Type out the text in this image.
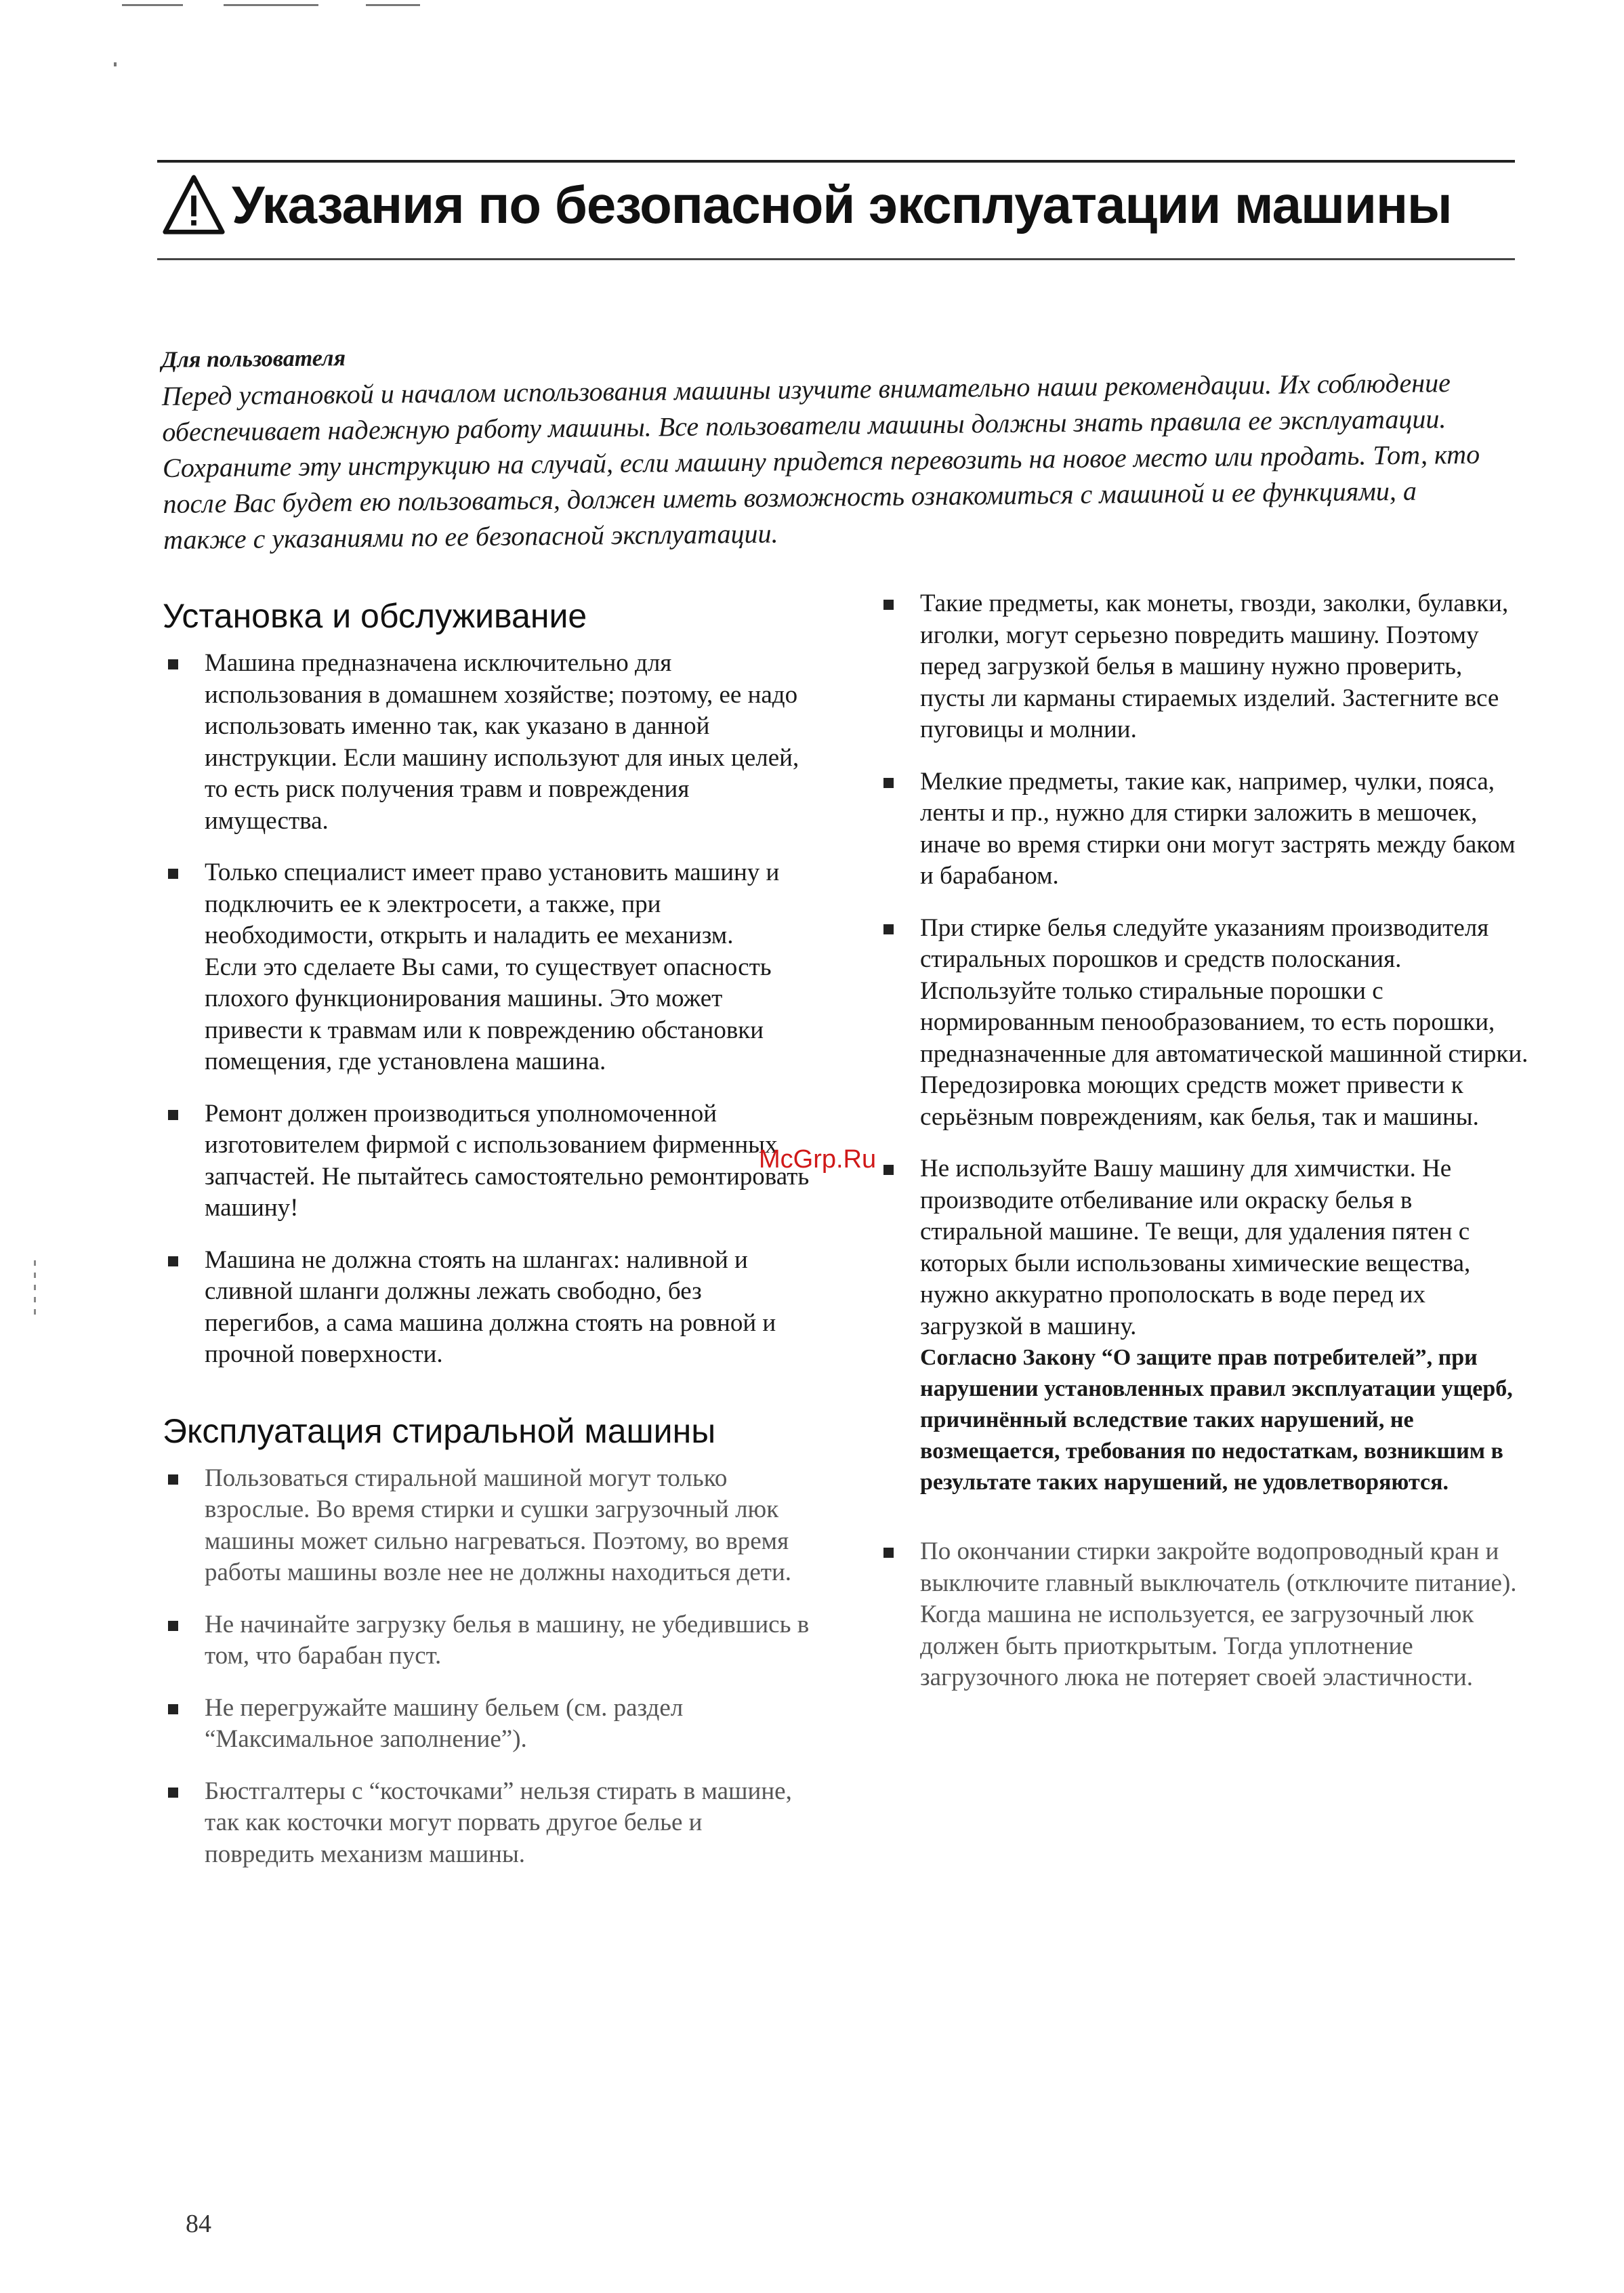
Указания по безопасной эксплуатации машины
Для пользователя
Перед установкой и началом использования машины изучите внимательно наши рекомендации. Их соблюдение обеспечивает надежную работу машины. Все пользователи машины должны знать правила ее эксплуатации. Сохраните эту инструкцию на случай, если машину придется перевозить на новое место или продать. Тот, кто после Вас будет ею пользоваться, должен иметь возможность ознакомиться с машиной и ее функциями, а также с указаниями по ее безопасной эксплуатации.
Установка и обслуживание
Машина предназначена исключительно для использования в домашнем хозяйстве; поэтому, ее надо использовать именно так, как указано в данной инструкции. Если машину используют для иных целей, то есть риск получения травм и повреждения имущества.
Только специалист имеет право установить машину и подключить ее к электросети, а также, при необходимости, открыть и наладить ее механизм.
Если это сделаете Вы сами, то существует опасность плохого функционирования машины. Это может привести к травмам или к повреждению обстановки помещения, где установлена машина.
Ремонт должен производиться уполномоченной изготовителем фирмой с использованием фирменных запчастей. Не пытайтесь самостоятельно ремонтировать машину!
Машина не должна стоять на шлангах: наливной и сливной шланги должны лежать свободно, без перегибов, а сама машина должна стоять на ровной и прочной поверхности.
Эксплуатация стиральной машины
Пользоваться стиральной машиной могут только взрослые. Во время стирки и сушки загрузочный люк машины может сильно нагреваться. Поэтому, во время работы машины возле нее не должны находиться дети.
Не начинайте загрузку белья в машину, не убедившись в том, что барабан пуст.
Не перегружайте машину бельем (см. раздел “Максимальное заполнение”).
Бюстгалтеры с “косточками” нельзя стирать в машине, так как косточки могут порвать другое белье и повредить механизм машины.
Такие предметы, как монеты, гвозди, заколки, булавки, иголки, могут серьезно повредить машину. Поэтому перед загрузкой белья в машину нужно проверить, пусты ли карманы стираемых изделий. Застегните все пуговицы и молнии.
Мелкие предметы, такие как, например, чулки, пояса, ленты и пр., нужно для стирки заложить в мешочек, иначе во время стирки они могут застрять между баком и барабаном.
При стирке белья следуйте указаниям производителя стиральных порошков и средств полоскания. Используйте только стиральные порошки с нормированным пенообразованием, то есть порошки, предназначенные для автоматической машинной стирки. Передозировка моющих средств может привести к серьёзным повреждениям, как белья, так и машины.
Не используйте Вашу машину для химчистки. Не производите отбеливание или окраску белья в стиральной машине. Те вещи, для удаления пятен с которых были использованы химические вещества, нужно аккуратно прополоскать в воде перед их загрузкой в машину.
Согласно Закону “О защите прав потребителей”, при нарушении установленных правил эксплуатации ущерб, причинённый вследствие таких нарушений, не возмещается, требования по недостаткам, возникшим в результате таких нарушений, не удовлетворяются.
По окончании стирки закройте водопроводный кран и выключите главный выключатель (отключите питание). Когда машина не используется, ее загрузочный люк должен быть приоткрытым. Тогда уплотнение загрузочного люка не потеряет своей эластичности.
McGrp.Ru
84
